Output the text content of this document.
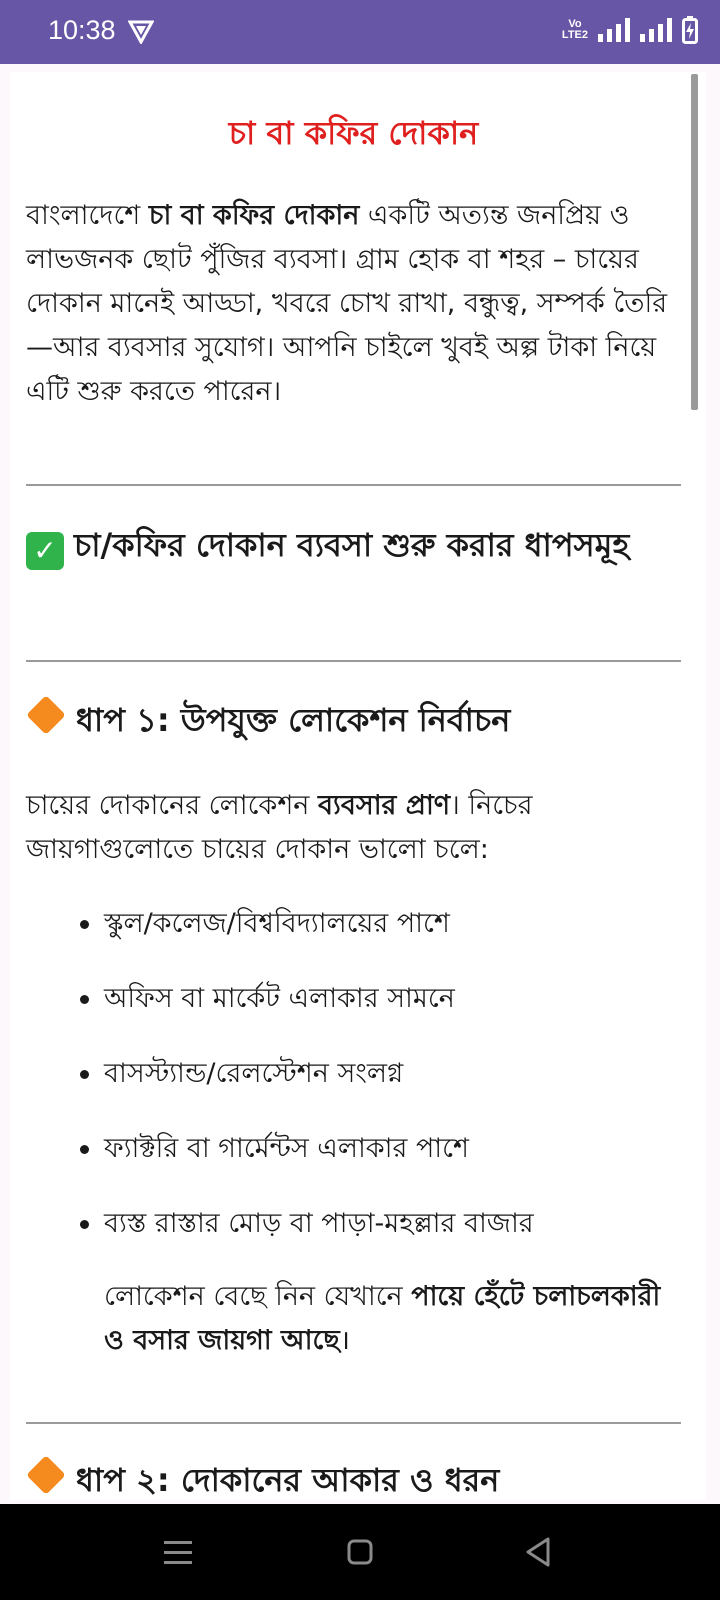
10:38	Vo
LTE2
চা বা কফির দোকান
বাংলাদেশে চা বা কফির দোকান একটি অত্যন্ত জনপ্রিয় ও লাভজনক ছোট পুঁজির ব্যবসা। গ্রাম হোক বা শহর – চায়ের দোকান মানেই আড্ডা, খবরে চোখ রাখা, বন্ধুত্ব, সম্পর্ক তৈরি—আর ব্যবসার সুযোগ। আপনি চাইলে খুবই অল্প টাকা নিয়ে এটি শুরু করতে পারেন।
✓ চা/কফির দোকান ব্যবসা শুরু করার ধাপসমূহ
ধাপ ১: উপযুক্ত লোকেশন নির্বাচন
চায়ের দোকানের লোকেশন ব্যবসার প্রাণ। নিচের জায়গাগুলোতে চায়ের দোকান ভালো চলে:
স্কুল/কলেজ/বিশ্ববিদ্যালয়ের পাশে
অফিস বা মার্কেট এলাকার সামনে
বাসস্ট্যান্ড/রেলস্টেশন সংলগ্ন
ফ্যাক্টরি বা গার্মেন্টস এলাকার পাশে
ব্যস্ত রাস্তার মোড় বা পাড়া-মহল্লার বাজার
লোকেশন বেছে নিন যেখানে পায়ে হেঁটে চলাচলকারী ও বসার জায়গা আছে।
ধাপ ২: দোকানের আকার ও ধরন
